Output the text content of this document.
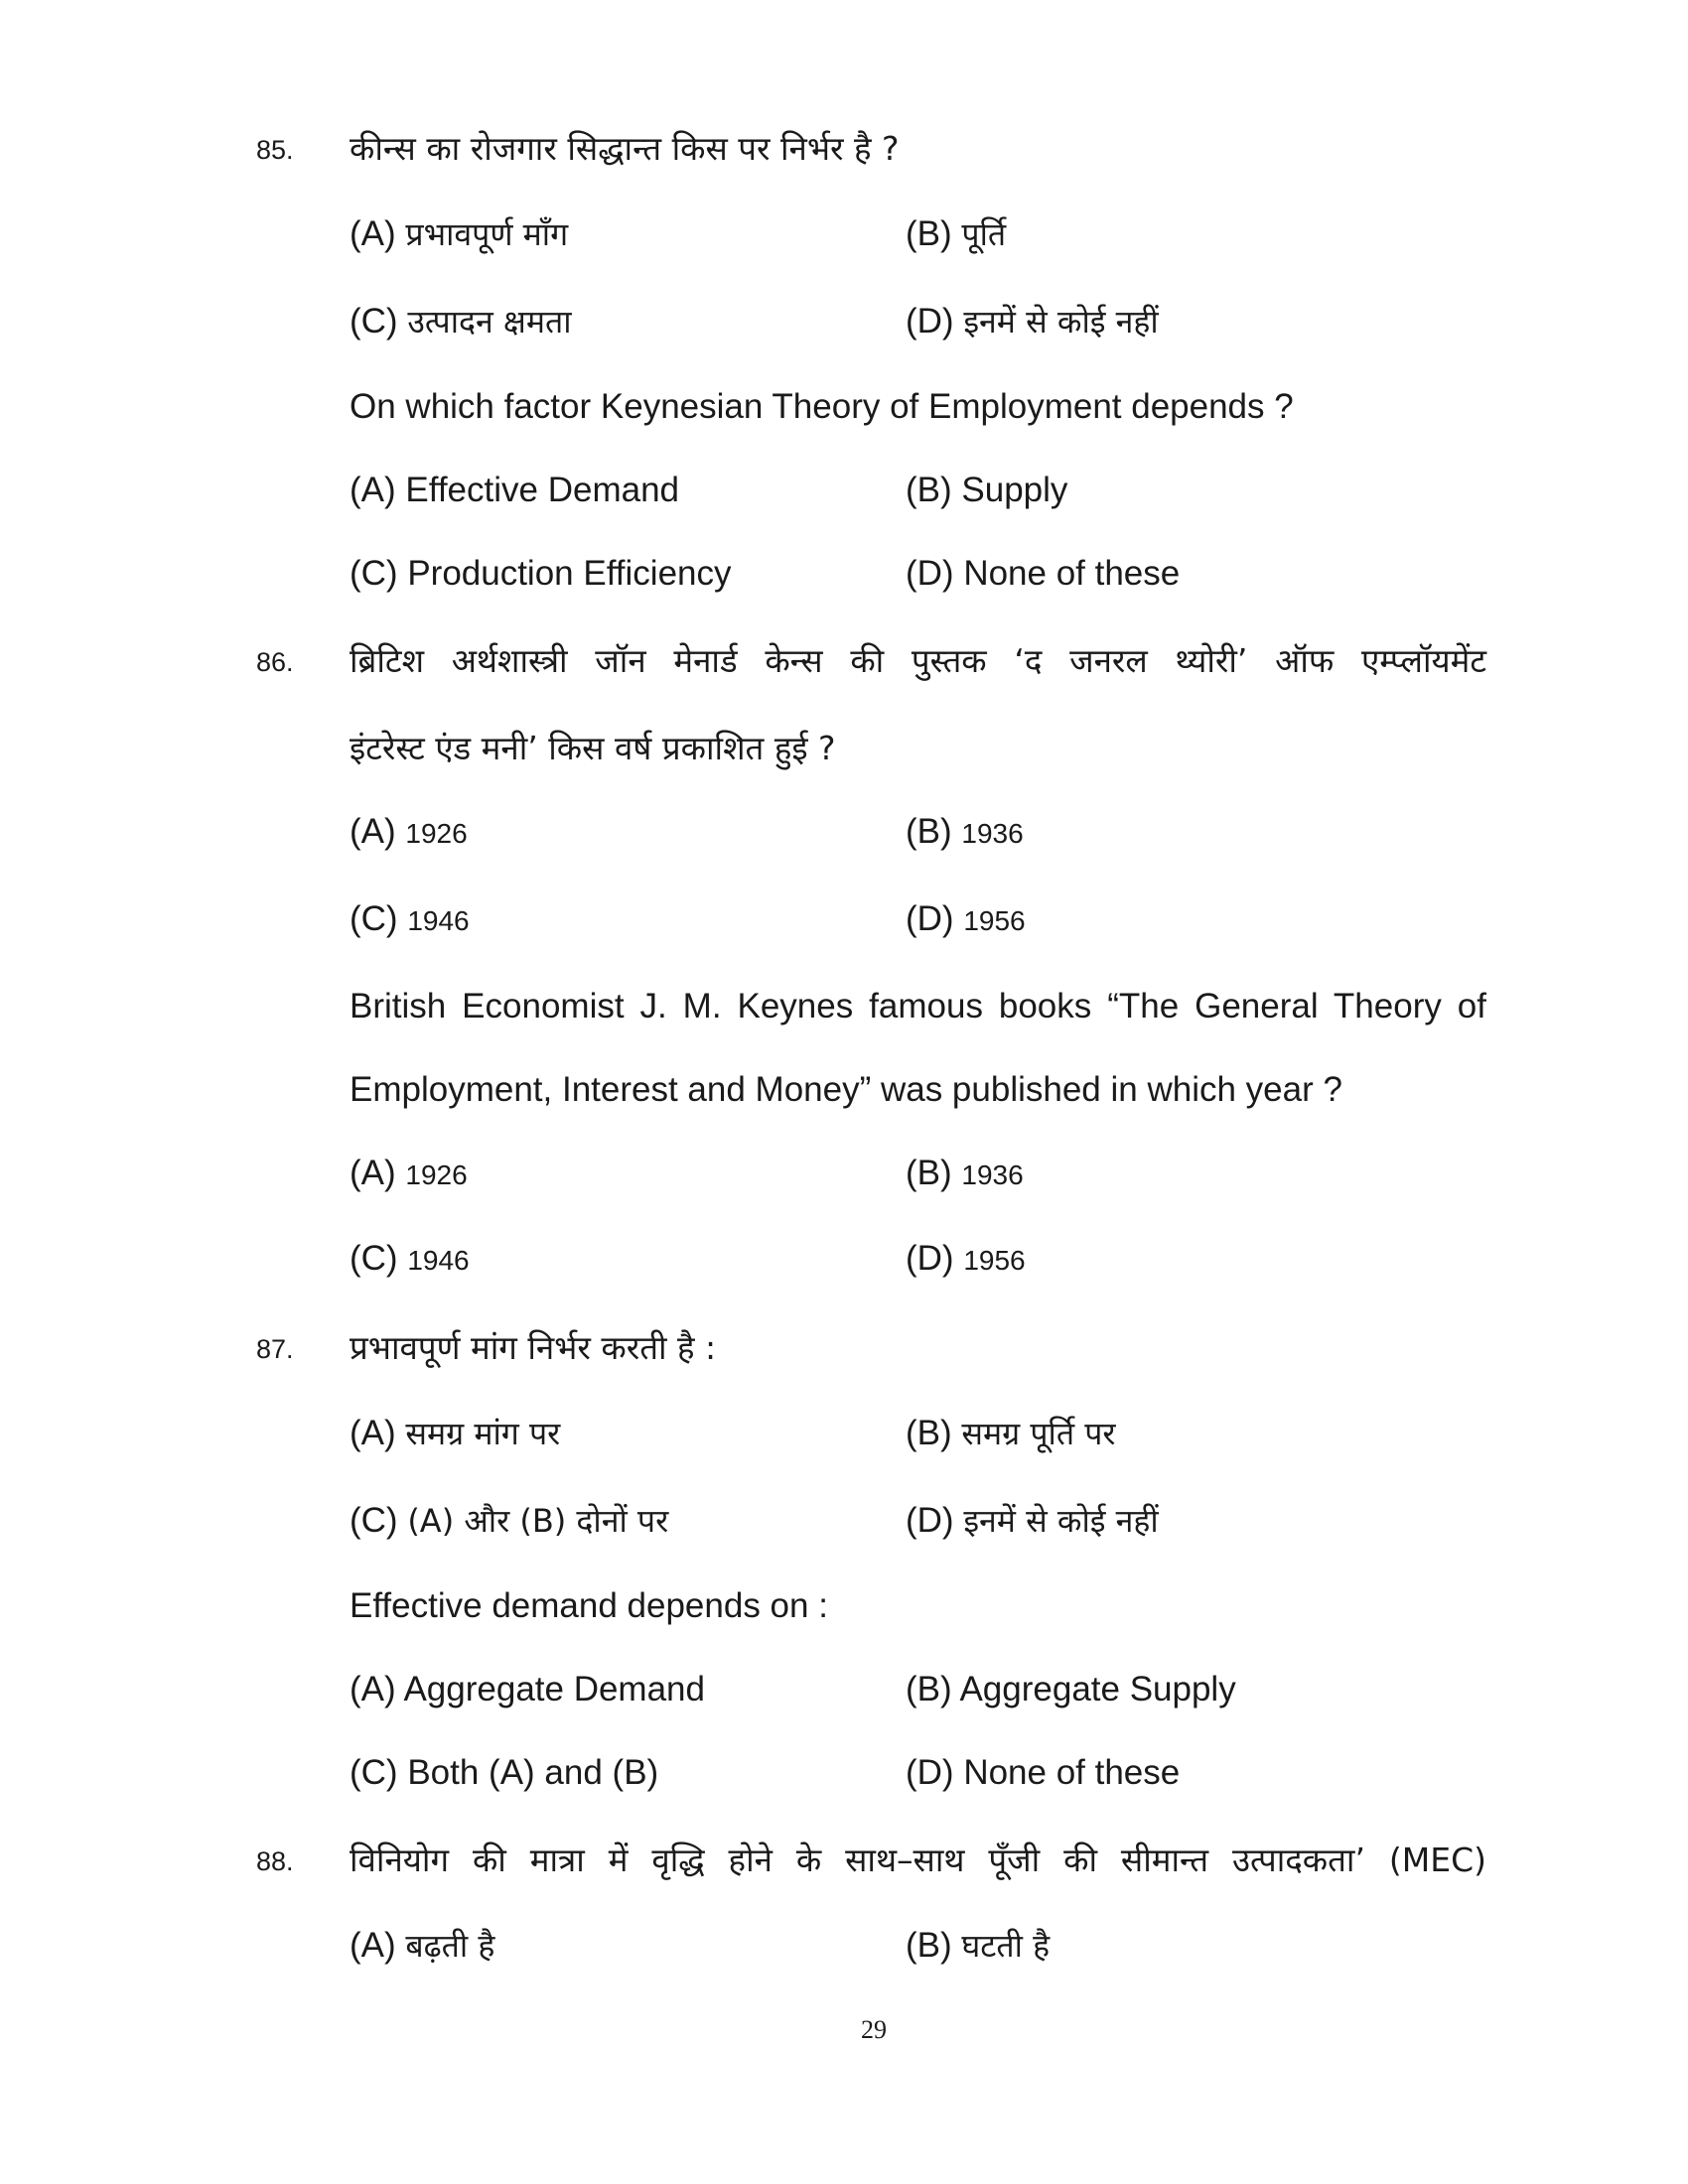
85. कीन्स का रोजगार सिद्धान्त किस पर निर्भर है ?
(A) प्रभावपूर्ण माँग	(B) पूर्ति
(C) उत्पादन क्षमता	(D) इनमें से कोई नहीं
On which factor Keynesian Theory of Employment depends ?
(A) Effective Demand	(B) Supply
(C) Production Efficiency	(D) None of these
86. ब्रिटिश अर्थशास्त्री जॉन मेनार्ड केन्स की पुस्तक ‘द जनरल थ्योरी’ ऑफ एम्प्लॉयमेंट
इंटरेस्ट एंड मनी’ किस वर्ष प्रकाशित हुई ?
(A) 1926	(B) 1936
(C) 1946	(D) 1956
British Economist J. M. Keynes famous books “The General Theory of
Employment, Interest and Money” was published in which year ?
(A) 1926	(B) 1936
(C) 1946	(D) 1956
87. प्रभावपूर्ण मांग निर्भर करती है :
(A) समग्र मांग पर	(B) समग्र पूर्ति पर
(C) (A) और (B) दोनों पर	(D) इनमें से कोई नहीं
Effective demand depends on :
(A) Aggregate Demand	(B) Aggregate Supply
(C) Both (A) and (B)	(D) None of these
88. विनियोग की मात्रा में वृद्धि होने के साथ–साथ पूँजी की सीमान्त उत्पादकता’ (MEC)
(A) बढ़ती है	(B) घटती है
29
